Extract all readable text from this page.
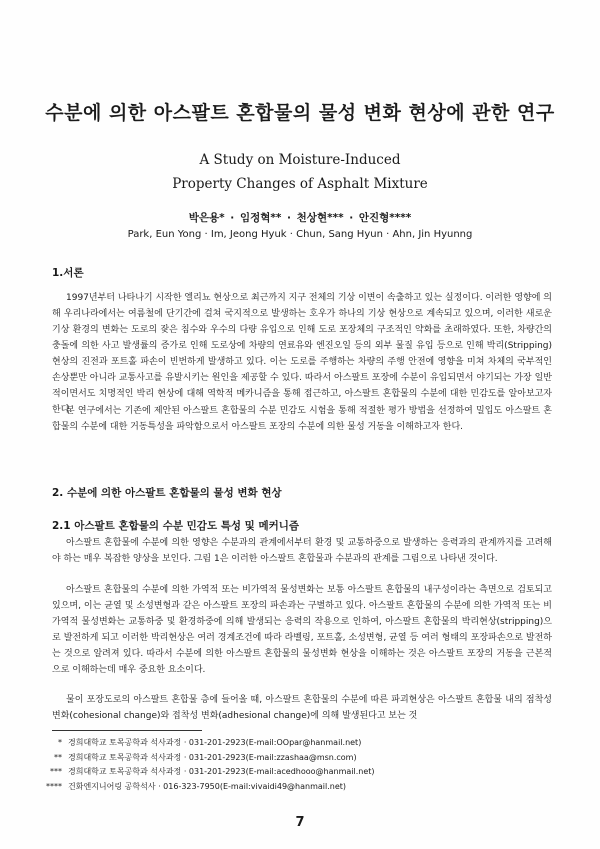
수분에 의한 아스팔트 혼합물의 물성 변화 현상에 관한 연구
A Study on Moisture-Induced
Property Changes of Asphalt Mixture
박은용* · 임정혁** · 천상현*** · 안진형****
Park, Eun Yong · Im, Jeong Hyuk · Chun, Sang Hyun · Ahn, Jin Hyunng
1.서론
1997년부터 나타나기 시작한 엘리뇨 현상으로 최근까지 지구 전체의 기상 이변이 속출하고 있는 실정이다. 이러한 영향에 의해 우리나라에서는 여름철에 단기간에 걸쳐 국지적으로 발생하는 호우가 하나의 기상 현상으로 계속되고 있으며, 이러한 새로운 기상 환경의 변화는 도로의 잦은 침수와 우수의 다량 유입으로 인해 도로 포장체의 구조적인 약화를 초래하였다. 또한, 차량간의 충돌에 의한 사고 발생률의 증가로 인해 도로상에 차량의 연료유와 엔진오일 등의 외부 물질 유입 등으로 인해 박리(Stripping) 현상의 진전과 포트홀 파손이 빈번하게 발생하고 있다. 이는 도로를 주행하는 차량의 주행 안전에 영향을 미쳐 차체의 국부적인 손상뿐만 아니라 교통사고를 유발시키는 원인을 제공할 수 있다. 따라서 아스팔트 포장에 수분이 유입되면서 야기되는 가장 일반적이면서도 치명적인 박리 현상에 대해 역학적 메카니즘을 통해 접근하고, 아스팔트 혼합물의 수분에 대한 민감도를 알아보고자 한다.
본 연구에서는 기존에 제안된 아스팔트 혼합물의 수분 민감도 시험을 통해 적절한 평가 방법을 선정하여 밀입도 아스팔트 혼합물의 수분에 대한 거동특성을 파악함으로서 아스팔트 포장의 수분에 의한 물성 거동을 이해하고자 한다.
2. 수분에 의한 아스팔트 혼합물의 물성 변화 현상
2.1 아스팔트 혼합물의 수분 민감도 특성 및 메커니즘
아스팔트 혼합물에 수분에 의한 영향은 수분과의 관계에서부터 환경 및 교통하중으로 발생하는 응력과의 관계까지를 고려해야 하는 매우 복잡한 양상을 보인다. 그림 1은 이러한 아스팔트 혼합물과 수분과의 관계를 그림으로 나타낸 것이다.
아스팔트 혼합물의 수분에 의한 가역적 또는 비가역적 물성변화는 보통 아스팔트 혼합물의 내구성이라는 측면으로 검토되고 있으며, 이는 균열 및 소성변형과 같은 아스팔트 포장의 파손과는 구별하고 있다. 아스팔트 혼합물의 수분에 의한 가역적 또는 비가역적 물성변화는 교통하중 및 환경하중에 의해 발생되는 응력의 작용으로 인하여, 아스팔트 혼합물의 박리현상(stripping)으로 발전하게 되고 이러한 박리현상은 여러 경계조건에 따라 라벨링, 포트홀, 소성변형, 균열 등 여러 형태의 포장파손으로 발전하는 것으로 알려져 있다. 따라서 수분에 의한 아스팔트 혼합물의 물성변화 현상을 이해하는 것은 아스팔트 포장의 거동을 근본적으로 이해하는데 매우 중요한 요소이다.
물이 포장도로의 아스팔트 혼합물 층에 들어올 때, 아스팔트 혼합물의 수분에 따른 파괴현상은 아스팔트 혼합물 내의 점착성 변화(cohesional change)와 접착성 변화(adhesional change)에 의해 발생된다고 보는 것
* 경희대학교 토목공학과 석사과정 · 031-201-2923(E-mail:OOpar@hanmail.net)
** 경희대학교 토목공학과 석사과정 · 031-201-2923(E-mail:zzashaa@msn.com)
*** 경희대학교 토목공학과 석사과정 · 031-201-2923(E-mail:acedhooo@hanmail.net)
**** 건화엔지니어링 공학석사 · 016-323-7950(E-mail:vivaidi49@hanmail.net)
7
